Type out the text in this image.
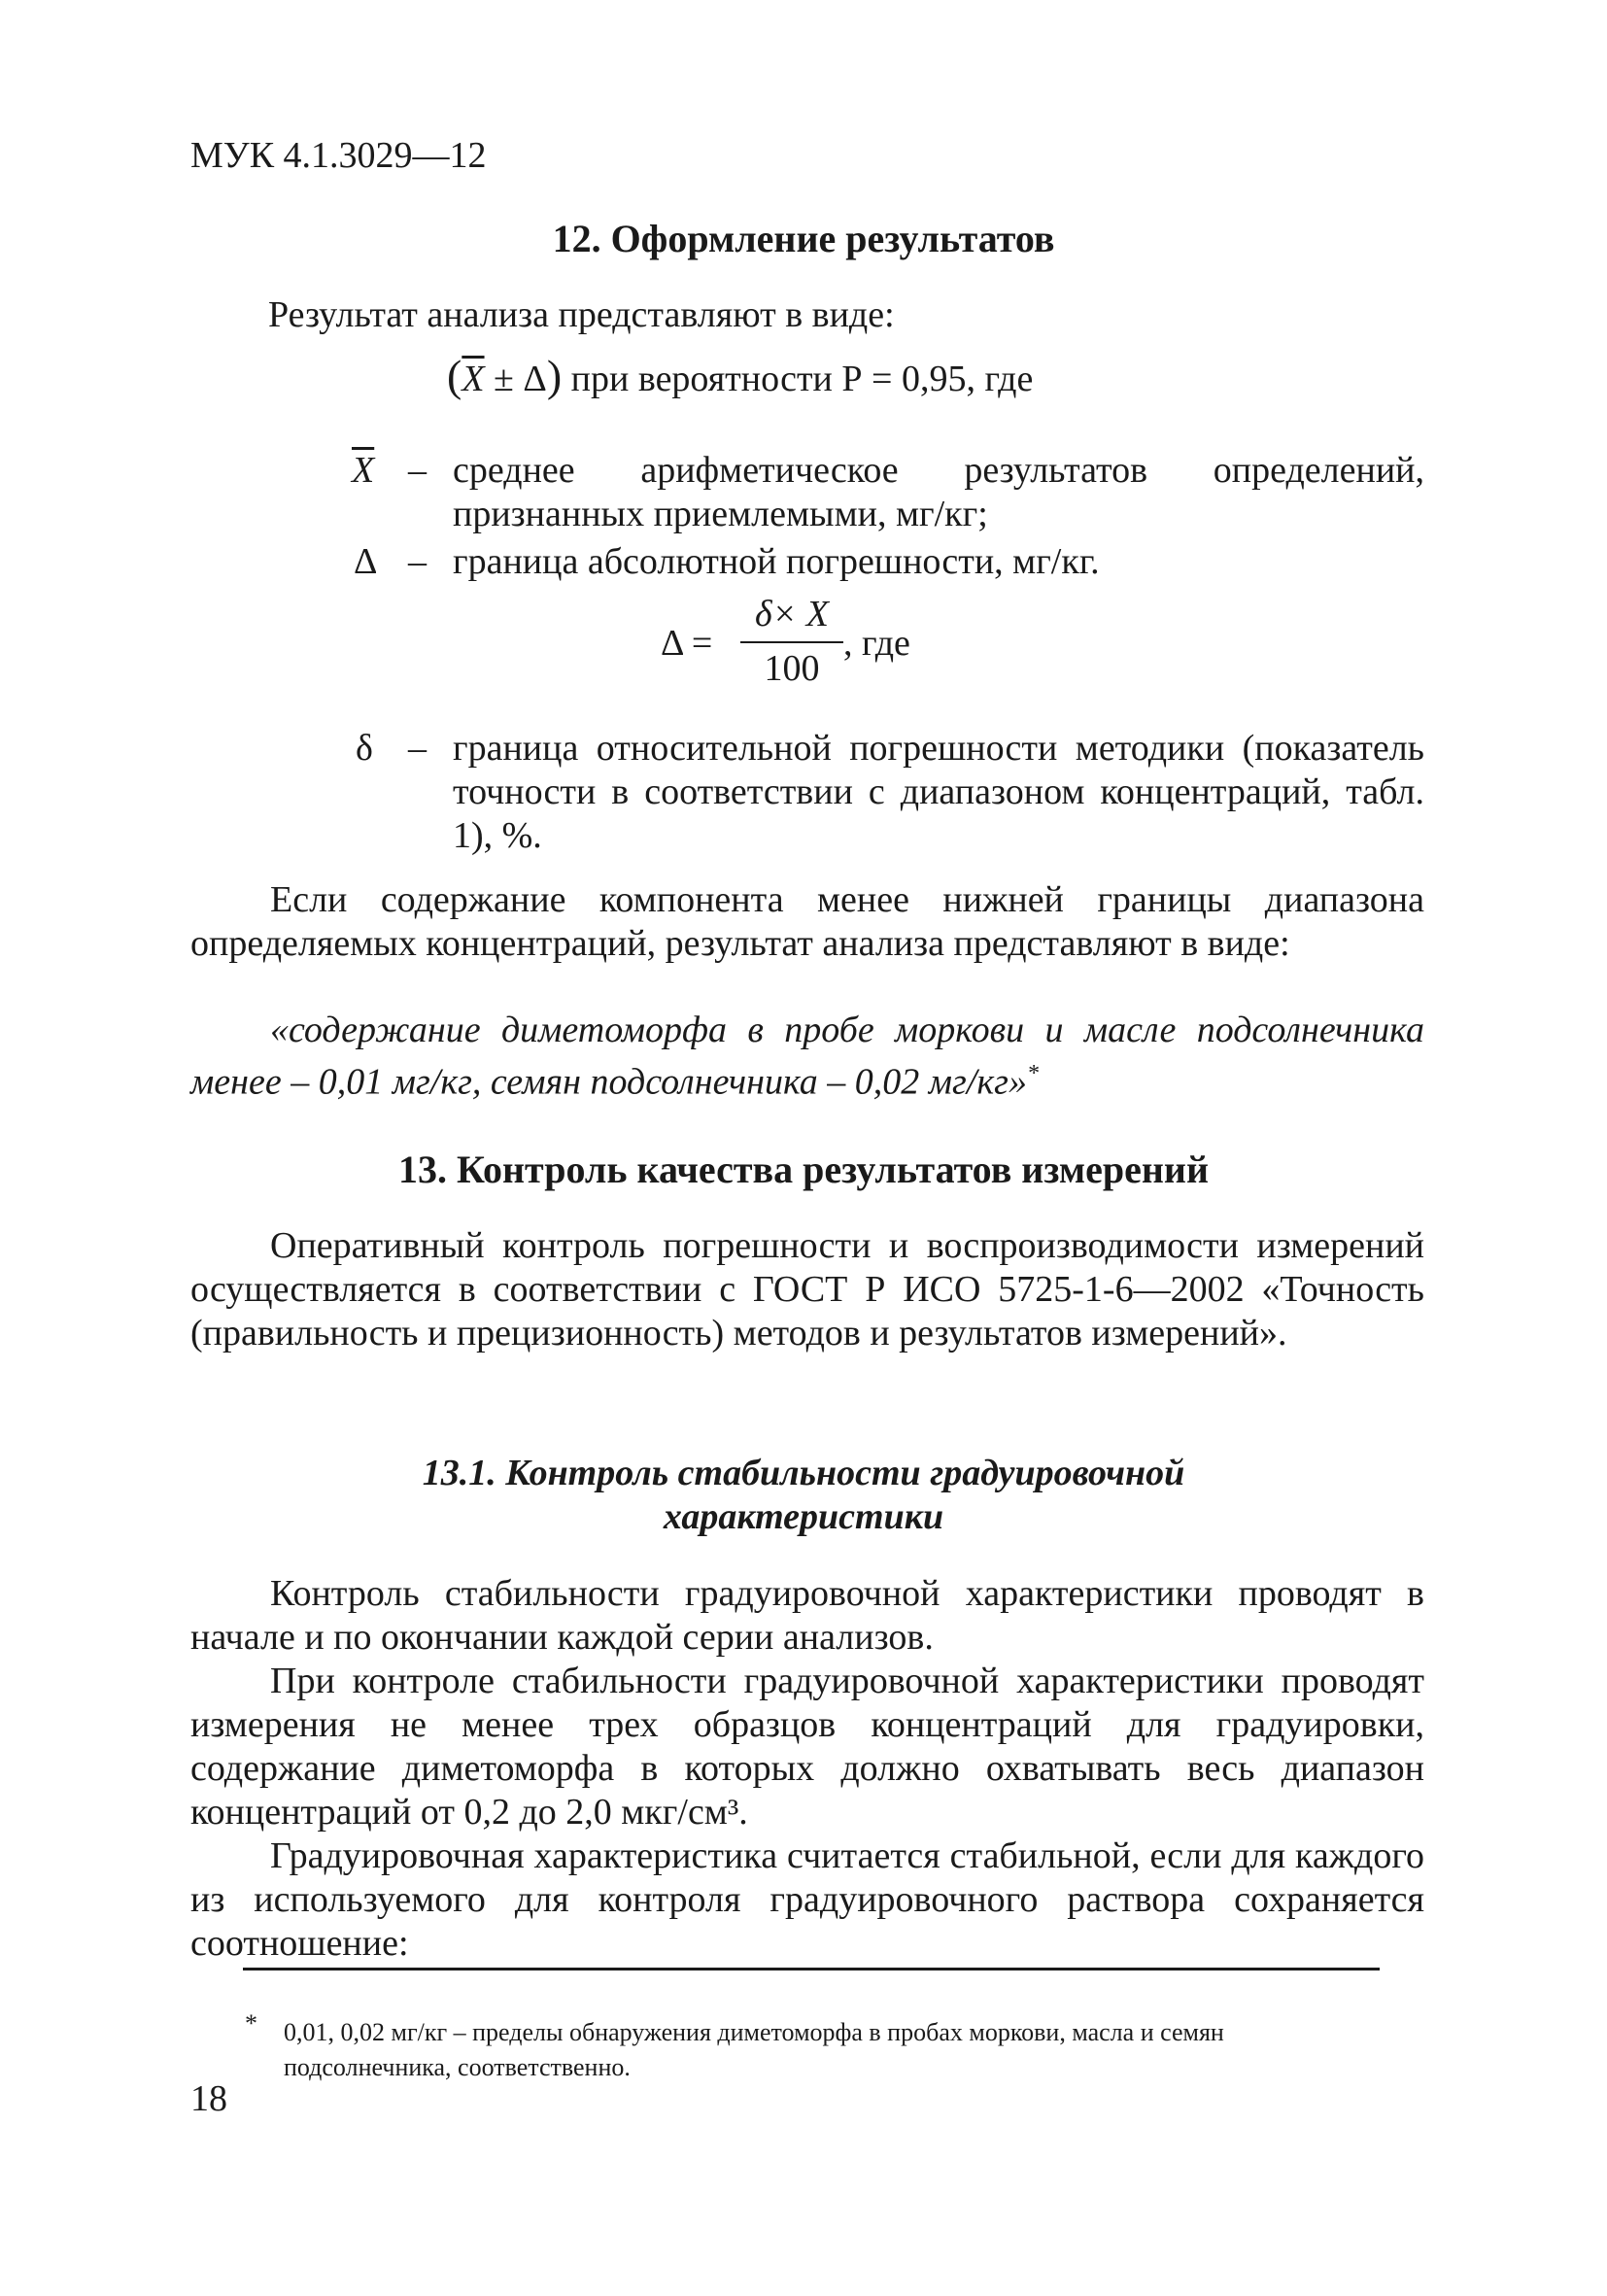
МУК 4.1.3029—12
12. Оформление результатов
Результат анализа представляют в виде:
$(\overline{X} \pm \Delta)$ при вероятности Р = 0,95, где
$\overline{X}$ – среднее арифметическое результатов определений, признанных приемлемыми, мг/кг;
Δ – граница абсолютной погрешности, мг/кг.
Δ =
δ× X
100
, где
δ – граница относительной погрешности методики (показатель точности в соответствии с диапазоном концентраций, табл. 1), %.
Если содержание компонента менее нижней границы диапазона определяемых концентраций, результат анализа представляют в виде:
«содержание диметоморфа в пробе моркови и масле подсолнечника менее – 0,01 мг/кг, семян подсолнечника – 0,02 мг/кг»*
13. Контроль качества результатов измерений
Оперативный контроль погрешности и воспроизводимости измерений осуществляется в соответствии с ГОСТ Р ИСО 5725-1-6—2002 «Точность (правильность и прецизионность) методов и результатов измерений».
13.1. Контроль стабильности градуировочной
характеристики
Контроль стабильности градуировочной характеристики проводят в начале и по окончании каждой серии анализов.
При контроле стабильности градуировочной характеристики проводят измерения не менее трех образцов концентраций для градуировки, содержание диметоморфа в которых должно охватывать весь диапазон концентраций от 0,2 до 2,0 мкг/см³.
Градуировочная характеристика считается стабильной, если для каждого из используемого для контроля градуировочного раствора сохраняется соотношение:
* 0,01, 0,02 мг/кг – пределы обнаружения диметоморфа в пробах моркови, масла и семян подсолнечника, соответственно.
18
